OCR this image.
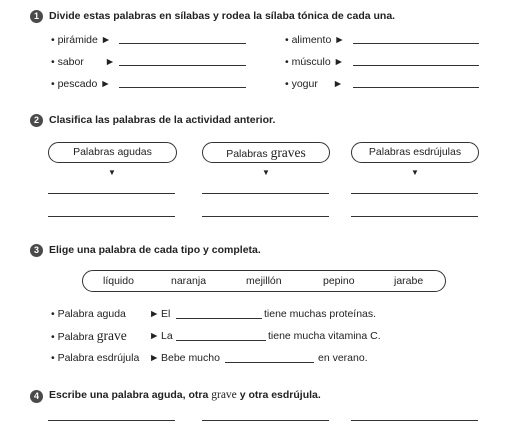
1 Divide estas palabras en sílabas y rodea la sílaba tónica de cada una.
• pirámide ►	• alimento ►
• sabor ►	• músculo ►
• pescado ►	• yogur ►
2 Clasifica las palabras de la actividad anterior.
Palabras agudas	Palabras graves	Palabras esdrújulas
▼	▼	▼
3 Elige una palabra de cada tipo y completa.
líquido	naranja	mejillón	pepino	jarabe
• Palabra aguda ► El	tiene muchas proteínas.
• Palabra grave ► La	tiene mucha vitamina C.
• Palabra esdrújula ► Bebe mucho	en verano.
4 Escribe una palabra aguda, otra grave y otra esdrújula.
